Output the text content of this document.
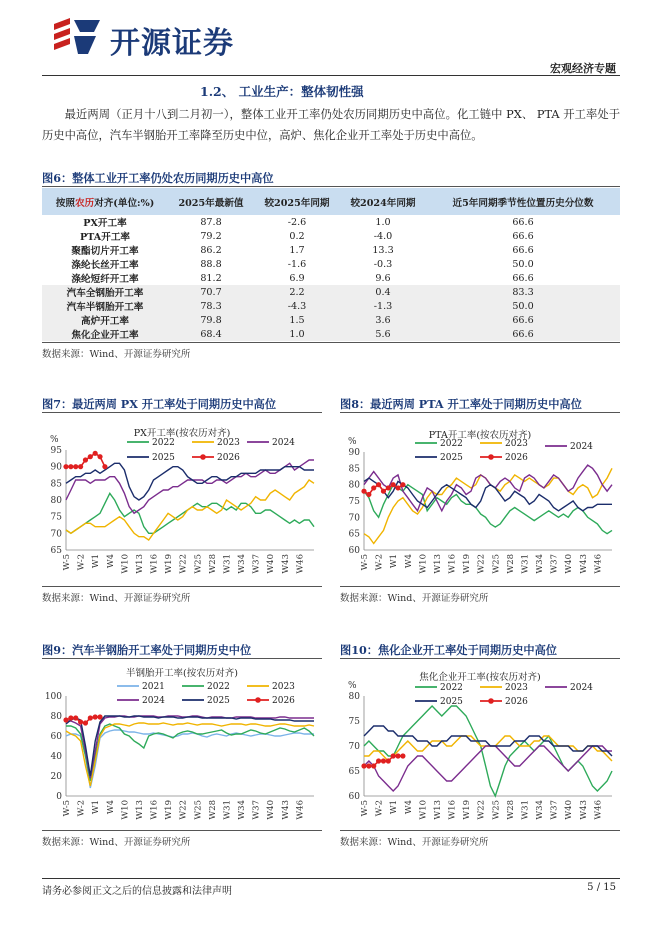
开源证券
宏观经济专题
1.2、 工业生产：整体韧性强
最近两周（正月十八到二月初一），整体工业开工率仍处农历同期历史中高位。化工链中 PX、 PTA 开工率处于历史中高位，汽车半钢胎开工率降至历史中位，高炉、焦化企业开工率处于历史中高位。
图6：整体工业开工率仍处农历同期历史中高位
按照农历对齐(单位:%)	2025年最新值	较2025年同期	较2024年同期	近5年同期季节性位置历史分位数
PX开工率	87.8	-2.6	1.0	66.6
PTA开工率	79.2	0.2	-4.0	66.6
聚酯切片开工率	86.2	1.7	13.3	66.6
涤纶长丝开工率	88.8	-1.6	-0.3	50.0
涤纶短纤开工率	81.2	6.9	9.6	66.6
汽车全钢胎开工率	70.7	2.2	0.4	83.3
汽车半钢胎开工率	78.3	-4.3	-1.3	50.0
高炉开工率	79.8	1.5	3.6	66.6
焦化企业开工率	68.4	1.0	5.6	66.6
数据来源：Wind、开源证券研究所
图7：最近两周 PX 开工率处于同期历史中高位
%
65
70
75
80
85
90
95
W-5 W-2 W1 W4 W10 W13 W16 W19 W22 W25 W28 W31 W34 W37 W40 W43 W46
PX开工率(按农历对齐)
2022	2023	2024
2025	2026
数据来源：Wind、开源证券研究所
图8：最近两周 PTA 开工率处于同期历史中高位
%
60
65
70
75
80
85
90
W-5 W-2 W1 W4 W10 W13 W16 W19 W22 W25 W28 W31 W34 W37 W40 W43 W46
PTA开工率(按农历对齐)
2022	2023	2024
2025	2026
数据来源：Wind、开源证券研究所
图9：汽车半钢胎开工率处于同期历史中位
0
20
40
60
80
100
W-5 W-2 W1 W4 W10 W13 W16 W19 W22 W25 W28 W31 W34 W37 W40 W43 W46
半钢胎开工率(按农历对齐)
2021	2022	2023
2024	2025	2026
数据来源：Wind、开源证券研究所
图10：焦化企业开工率处于同期历史中高位
%
60
65
70
75
80
W-5 W-2 W1 W4 W10 W13 W16 W19 W22 W25 W28 W31 W34 W37 W40 W43 W46
焦化企业开工率(按农历对齐)
2022	2023	2024
2025	2026
数据来源：Wind、开源证券研究所
请务必参阅正文之后的信息披露和法律声明	5 / 15
